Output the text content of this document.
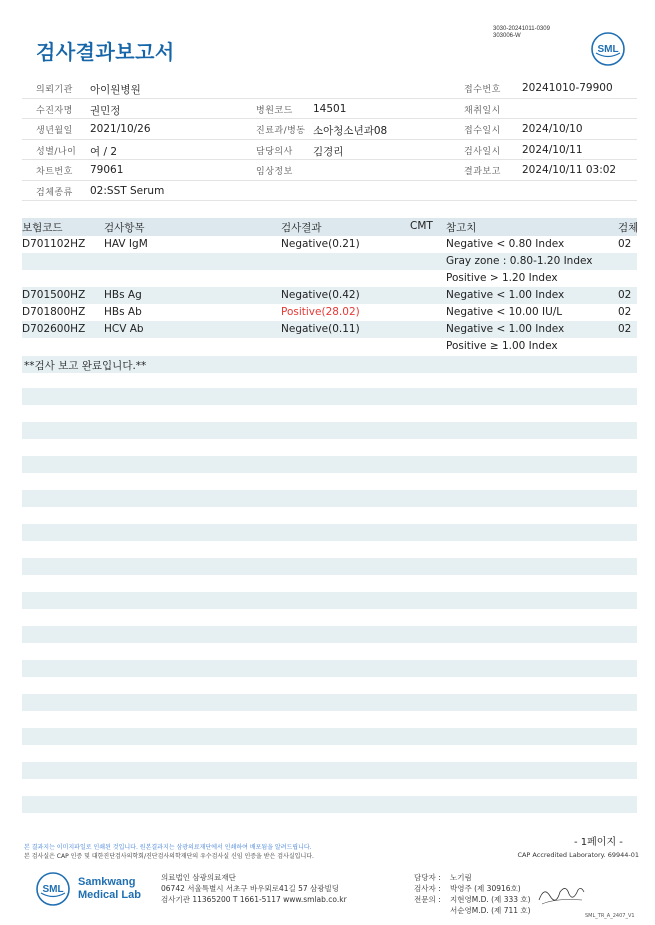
3030-20241011-0309
303006-W
검사결과보고서	SML
의뢰기관 아이원병원	접수번호 20241010-79900
수진자명 권민정	병원코드 14501	채취일시
생년월일 2021/10/26	진료과/병동 소아청소년과08	접수일시 2024/10/10
성별/나이 여 / 2	담당의사 김경리	검사일시 2024/10/11
차트번호 79061	임상정보	결과보고 2024/10/11 03:02
검체종류 02:SST Serum
보험코드	검사항목	검사결과	CMT 참고치	검체
D701102HZ HAV IgM	Negative(0.21)	Negative < 0.80 Index	02
Gray zone : 0.80-1.20 Index
Positive > 1.20 Index
D701500HZ HBs Ag	Negative(0.42)	Negative < 1.00 Index	02
D701800HZ HBs Ab	Positive(28.02)	Negative < 10.00 IU/L	02
D702600HZ HCV Ab	Negative(0.11)	Negative < 1.00 Index	02
Positive ≥ 1.00 Index
**검사 보고 완료입니다.**
- 1페이지 -
본 결과지는 이미지파일로 인쇄된 것입니다. 원본결과지는 삼광의료재단에서 인쇄하여 배포됨을 알려드립니다.
본 검사실은 CAP 인증 및 대한진단검사의학회/진단검사의학재단의 우수검사실 신임 인증을 받은 검사실입니다.	CAP Accredited Laboratory. 69944-01
SML
Samkwang
Medical Lab
의료법인 삼광의료재단
06742 서울특별시 서초구 바우뫼로41길 57 삼광빌딩
검사기관 11365200 T 1661-5117 www.smlab.co.kr
담당자 : 노기림
검사자 : 박영주 (제 30916호)
전문의 : 지현영M.D. (제 333 호)
서순영M.D. (제 711 호)
SML_TR_A_2407_V1
